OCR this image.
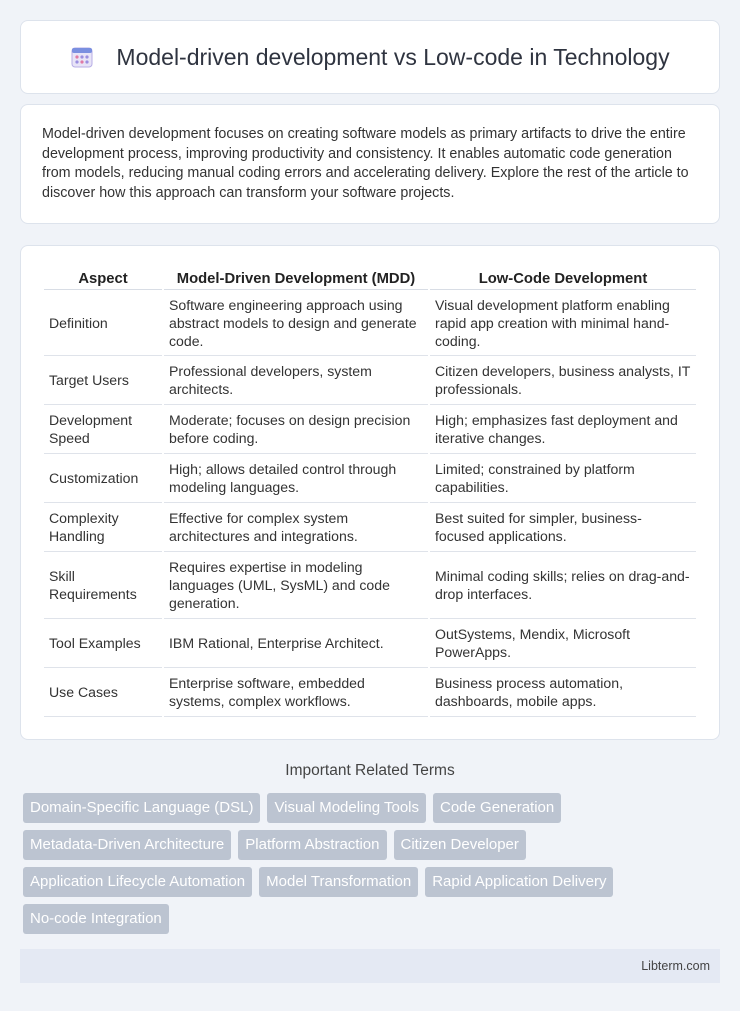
Model-driven development vs Low-code in Technology

Model-driven development focuses on creating software models as primary artifacts to drive the entire development process, improving productivity and consistency. It enables automatic code generation from models, reducing manual coding errors and accelerating delivery. Explore the rest of the article to discover how this approach can transform your software projects.

Aspect	Model-Driven Development (MDD)	Low-Code Development
Definition	Software engineering approach using abstract models to design and generate code.	Visual development platform enabling rapid app creation with minimal hand-coding.
Target Users	Professional developers, system architects.	Citizen developers, business analysts, IT professionals.
Development Speed	Moderate; focuses on design precision before coding.	High; emphasizes fast deployment and iterative changes.
Customization	High; allows detailed control through modeling languages.	Limited; constrained by platform capabilities.
Complexity Handling	Effective for complex system architectures and integrations.	Best suited for simpler, business-focused applications.
Skill Requirements	Requires expertise in modeling languages (UML, SysML) and code generation.	Minimal coding skills; relies on drag-and-drop interfaces.
Tool Examples	IBM Rational, Enterprise Architect.	OutSystems, Mendix, Microsoft PowerApps.
Use Cases	Enterprise software, embedded systems, complex workflows.	Business process automation, dashboards, mobile apps.
Important Related Terms
Domain-Specific Language (DSL)	Visual Modeling Tools	Code Generation
Metadata-Driven Architecture	Platform Abstraction	Citizen Developer
Application Lifecycle Automation	Model Transformation	Rapid Application Delivery
No-code Integration
Libterm.com
